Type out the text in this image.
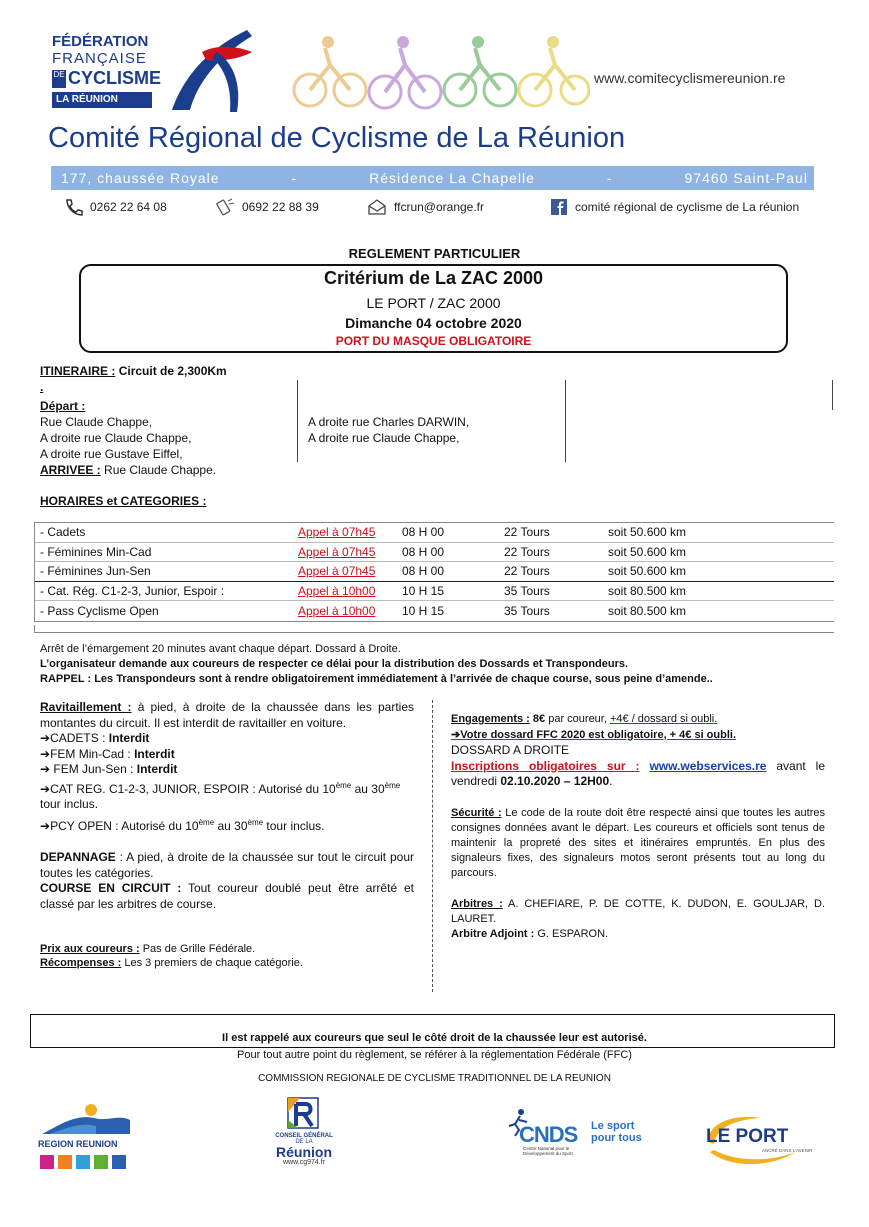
FÉDÉRATION
FRANÇAISE
DE CYCLISME
LA RÉUNION
www.comitecyclismereunion.re
Comité Régional de Cyclisme de La Réunion
177, chaussée Royale	-	Résidence La Chapelle	-	97460 Saint-Paul
0262 22 64 08	0692 22 88 39	ffcrun@orange.fr	comité régional de cyclisme de La réunion
REGLEMENT PARTICULIER
Critérium de La ZAC 2000
LE PORT / ZAC 2000
Dimanche 04 octobre 2020
PORT DU MASQUE OBLIGATOIRE
ITINERAIRE : Circuit de 2,300Km
.
Départ :
Rue Claude Chappe,
A droite rue Claude Chappe,
A droite rue Gustave Eiffel,
ARRIVEE : Rue Claude Chappe.
A droite rue Charles DARWIN,
A droite rue Claude Chappe,
HORAIRES et CATEGORIES :
- Cadets	Appel à 07h45 08 H 00	22 Tours	soit 50.600 km
- Féminines Min-Cad	Appel à 07h45 08 H 00	22 Tours	soit 50.600 km
- Féminines Jun-Sen	Appel à 07h45 08 H 00	22 Tours	soit 50.600 km
- Cat. Rég. C1-2-3, Junior, Espoir :	Appel à 10h00 10 H 15	35 Tours	soit 80.500 km
- Pass Cyclisme Open	Appel à 10h00 10 H 15	35 Tours	soit 80.500 km
Arrêt de l’émargement 20 minutes avant chaque départ. Dossard à Droite.
L’organisateur demande aux coureurs de respecter ce délai pour la distribution des Dossards et Transpondeurs.
RAPPEL : Les Transpondeurs sont à rendre obligatoirement immédiatement à l’arrivée de chaque course, sous peine d’amende..

Ravitaillement : à pied, à droite de la chaussée dans les parties montantes du circuit. Il est interdit de ravitailler en voiture.

➔CADETS : Interdit
➔FEM Min-Cad : Interdit
➔ FEM Jun-Sen : Interdit
➔CAT REG. C1-2-3, JUNIOR, ESPOIR : Autorisé du 10ème au 30ème tour inclus.
➔PCY OPEN : Autorisé du 10ème au 30ème tour inclus.

DEPANNAGE : A pied, à droite de la chaussée sur tout le circuit pour toutes les catégories.

COURSE EN CIRCUIT : Tout coureur doublé peut être arrêté et classé par les arbitres de course.

Prix aux coureurs : Pas de Grille Fédérale.
Récompenses : Les 3 premiers de chaque catégorie.
Engagements : 8€ par coureur, +4€ / dossard si oubli.
➔Votre dossard FFC 2020 est obligatoire, + 4€ si oubli.
DOSSARD A DROITE

Inscriptions obligatoires sur : www.webservices.re avant le vendredi 02.10.2020 – 12H00.

Sécurité : Le code de la route doit être respecté ainsi que toutes les autres consignes données avant le départ. Les coureurs et officiels sont tenus de maintenir la propreté des sites et itinéraires empruntés. En plus des signaleurs fixes, des signaleurs motos seront présents tout au long du parcours.

Arbitres : A. CHEFIARE, P. DE COTTE, K. DUDON, E. GOULJAR, D. LAURET.

Arbitre Adjoint : G. ESPARON.
Il est rappelé aux coureurs que seul le côté droit de la chaussée leur est autorisé.
Pour tout autre point du règlement, se référer à la réglementation Fédérale (FFC)
COMMISSION REGIONALE DE CYCLISME TRADITIONNEL DE LA REUNION
REGION REUNION
CONSEIL GÉNÉRAL
DE LA
Réunion
www.cg974.fr
CNDS Le sport
pour tous
Centre National pour le Développement du Sport
LE PORT
ANCRÉ DANS L’AVENIR
